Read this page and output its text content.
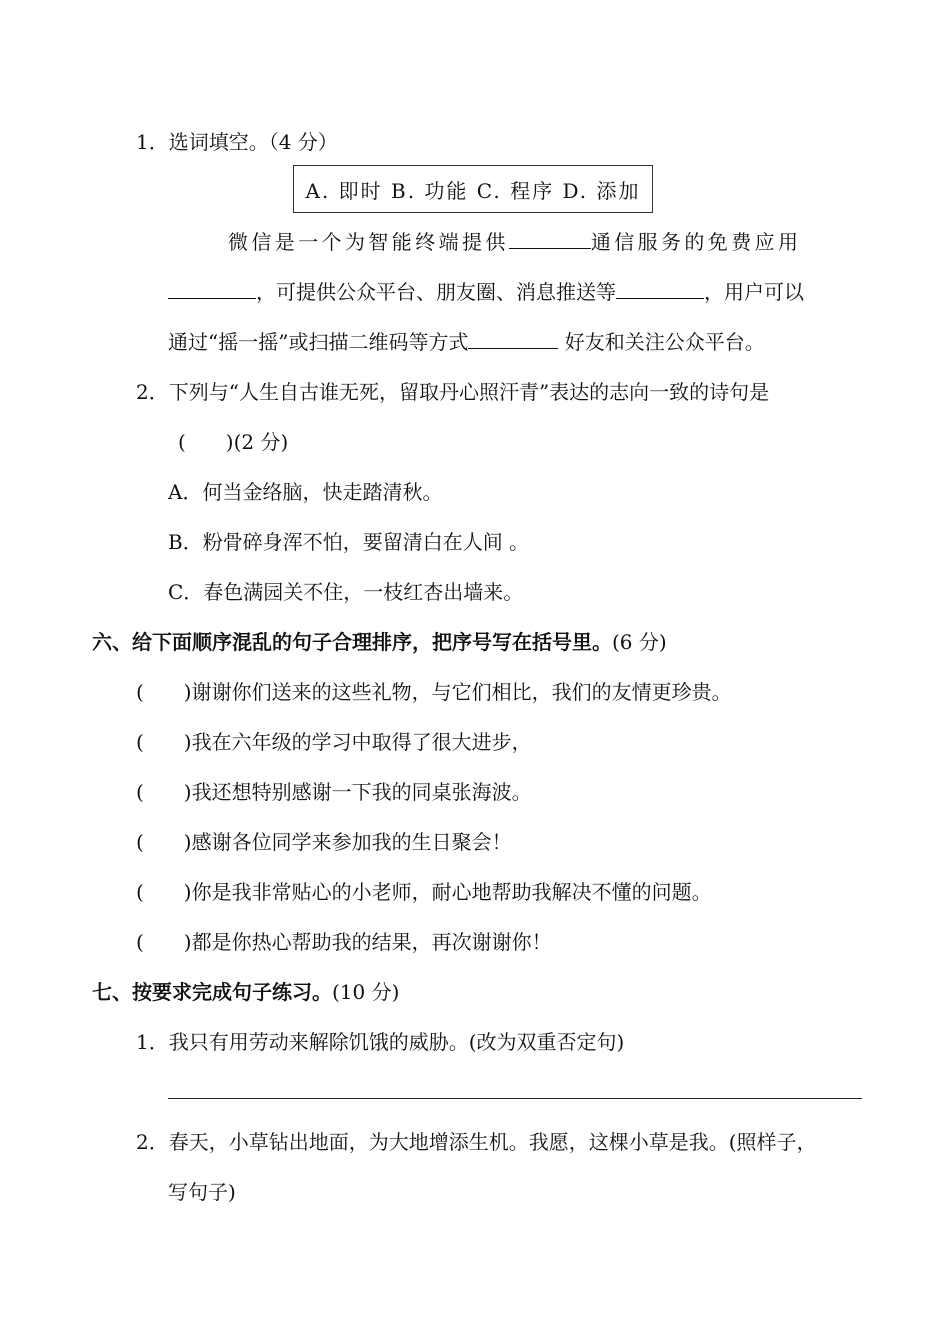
1．选词填空。（4 分）
A. 即时 B. 功能 C. 程序 D. 添加
微信是一个为智能终端提供	通信服务的免费应用
，可提供公众平台、朋友圈、消息推送等	，用户可以
通过“摇一摇”或扫描二维码等方式	好友和关注公众平台。
2．下列与“人生自古谁无死，留取丹心照汗青”表达的志向一致的诗句是
(　　)(2 分)
A．何当金络脑，快走踏清秋。
B．粉骨碎身浑不怕，要留清白在人间 。
C．春色满园关不住，一枝红杏出墙来。
六、给下面顺序混乱的句子合理排序，把序号写在括号里。(6 分)
(　　)谢谢你们送来的这些礼物，与它们相比，我们的友情更珍贵。
(　　)我在六年级的学习中取得了很大进步，
(　　)我还想特别感谢一下我的同桌张海波。
(　　)感谢各位同学来参加我的生日聚会！
(　　)你是我非常贴心的小老师，耐心地帮助我解决不懂的问题。
(　　)都是你热心帮助我的结果，再次谢谢你！
七、按要求完成句子练习。(10 分)
1．我只有用劳动来解除饥饿的威胁。(改为双重否定句)
2．春天，小草钻出地面，为大地增添生机。我愿，这棵小草是我。(照样子，
写句子)
